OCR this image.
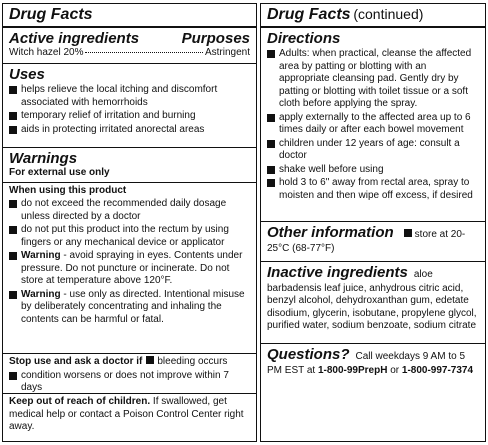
Drug Facts
Active ingredients	Purposes
Witch hazel 20%	Astringent
Uses
helps relieve the local itching and discomfort associated with hemorrhoids
temporary relief of irritation and burning
aids in protecting irritated anorectal areas
Warnings
For external use only
When using this product
do not exceed the recommended daily dosage unless directed by a doctor
do not put this product into the rectum by using fingers or any mechanical device or applicator
Warning - avoid spraying in eyes. Contents under pressure. Do not puncture or incinerate. Do not store at temperature above 120°F.
Warning - use only as directed. Intentional misuse by deliberately concentrating and inhaling the contents can be harmful or fatal.
Stop use and ask a doctor if bleeding occurs
condition worsens or does not improve within 7 days

Keep out of reach of children. If swallowed, get medical help or contact a Poison Control Center right away.

Drug Facts (continued)
Directions
Adults: when practical, cleanse the affected area by patting or blotting with an appropriate cleansing pad. Gently dry by patting or blotting with toilet tissue or a soft cloth before applying the spray.
apply externally to the affected area up to 6 times daily or after each bowel movement
children under 12 years of age: consult a doctor
shake well before using
hold 3 to 6" away from rectal area, spray to moisten and then wipe off excess, if desired
Other information store at 20-25°C (68-77°F)
Inactive ingredients aloe barbadensis leaf juice, anhydrous citric acid, benzyl alcohol, dehydroxanthan gum, edetate disodium, glycerin, isobutane, propylene glycol, purified water, sodium benzoate, sodium citrate
Questions? Call weekdays 9 AM to 5 PM EST at 1-800-99PrepH or 1-800-997-7374
